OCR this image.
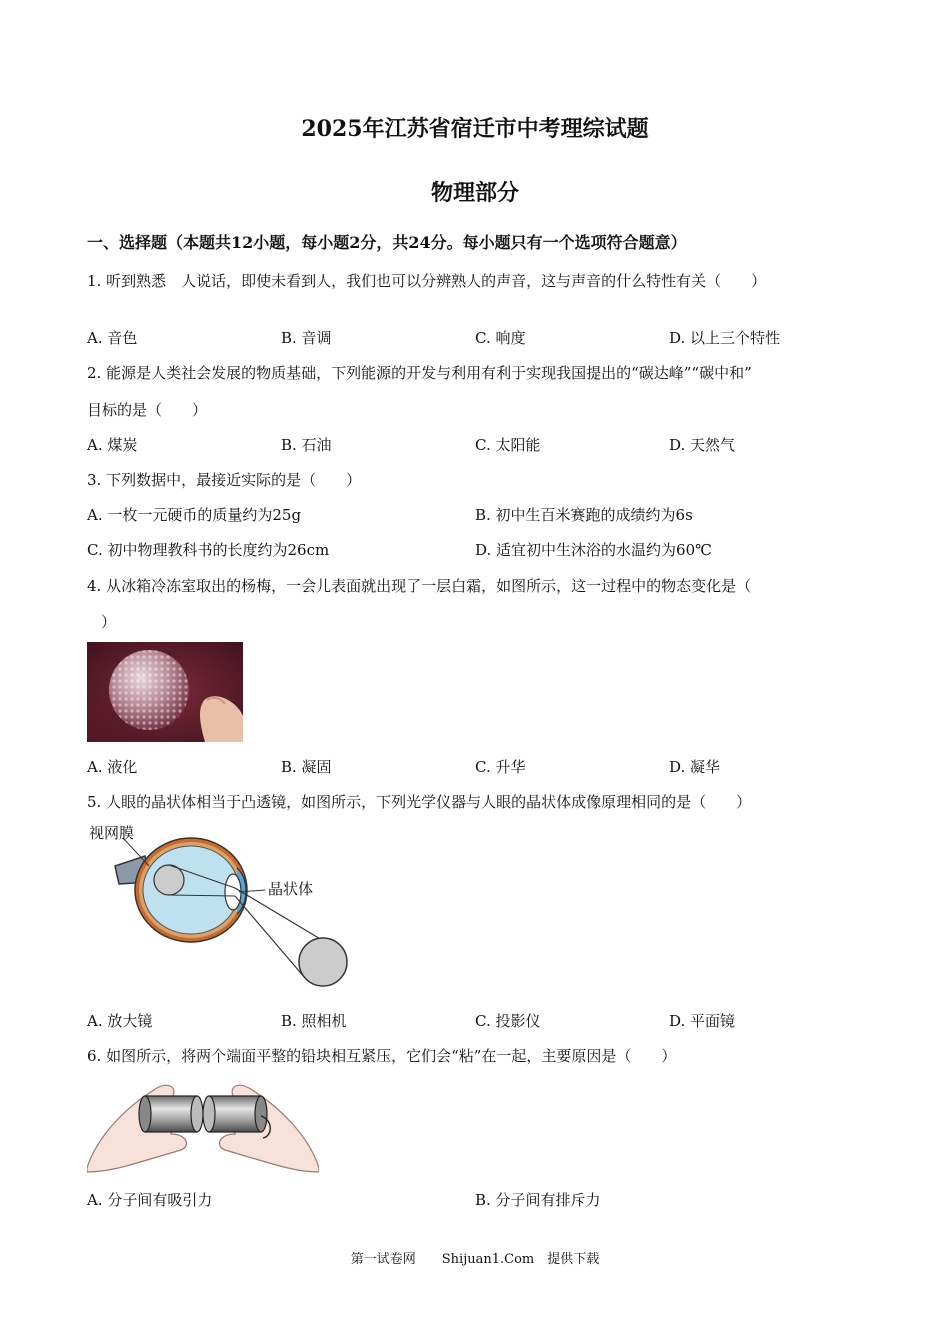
2025年江苏省宿迁市中考理综试题
物理部分
一、选择题（本题共12小题，每小题2分，共24分。每小题只有一个选项符合题意）
1. 听到熟悉　人说话，即使未看到人，我们也可以分辨熟人的声音，这与声音的什么特性有关（　　）
A. 音色	B. 音调	C. 响度	D. 以上三个特性
2. 能源是人类社会发展的物质基础，下列能源的开发与利用有利于实现我国提出的“碳达峰”“碳中和”
目标的是（　　）
A. 煤炭	B. 石油	C. 太阳能	D. 天然气
3. 下列数据中，最接近实际的是（　　）
A. 一枚一元硬币的质量约为25g	B. 初中生百米赛跑的成绩约为6s
C. 初中物理教科书的长度约为26cm	D. 适宜初中生沐浴的水温约为60℃
4. 从冰箱冷冻室取出的杨梅，一会儿表面就出现了一层白霜，如图所示，这一过程中的物态变化是（
）
A. 液化	B. 凝固	C. 升华	D. 凝华
5. 人眼的晶状体相当于凸透镜，如图所示，下列光学仪器与人眼的晶状体成像原理相同的是（　　）
视网膜
晶状体
A. 放大镜	B. 照相机	C. 投影仪	D. 平面镜
6. 如图所示，将两个端面平整的铅块相互紧压，它们会“粘”在一起，主要原因是（　　）
A. 分子间有吸引力	B. 分子间有排斥力
第一试卷网　　Shijuan1.Com　提供下载
